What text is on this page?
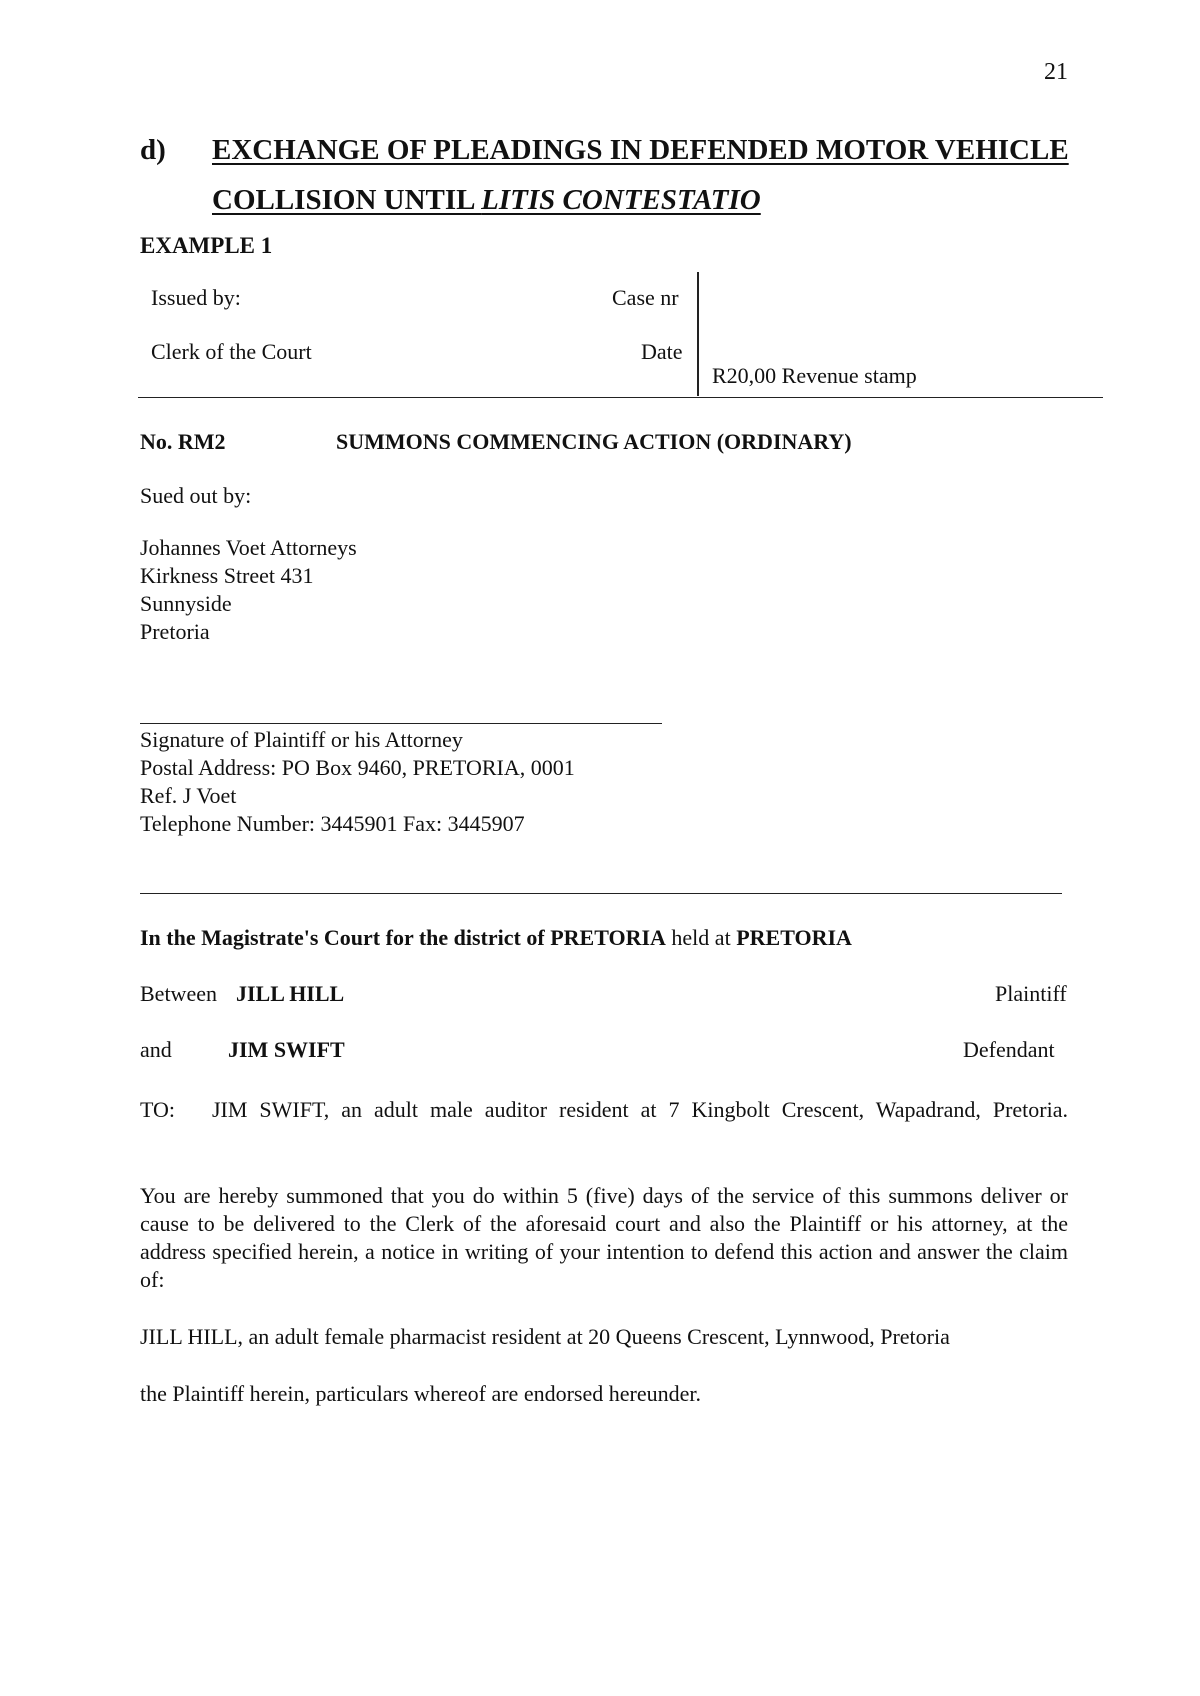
21
d) EXCHANGE OF PLEADINGS IN DEFENDED MOTOR VEHICLE
COLLISION UNTIL LITIS CONTESTATIO
EXAMPLE 1
Issued by:	Case nr
Clerk of the Court	Date
R20,00 Revenue stamp
No. RM2	SUMMONS COMMENCING ACTION (ORDINARY)
Sued out by:
Johannes Voet Attorneys
Kirkness Street 431
Sunnyside
Pretoria
Signature of Plaintiff or his Attorney
Postal Address: PO Box 9460, PRETORIA, 0001
Ref. J Voet
Telephone Number: 3445901 Fax: 3445907
In the Magistrate's Court for the district of PRETORIA held at PRETORIA
Between JILL HILL	Plaintiff
and	JIM SWIFT	Defendant
TO: JIM SWIFT, an adult male auditor resident at 7 Kingbolt Crescent, Wapadrand, Pretoria.
You are hereby summoned that you do within 5 (five) days of the service of this summons deliver or cause to be delivered to the Clerk of the aforesaid court and also the Plaintiff or his attorney, at the address specified herein, a notice in writing of your intention to defend this action and answer the claim of:
JILL HILL, an adult female pharmacist resident at 20 Queens Crescent, Lynnwood, Pretoria
the Plaintiff herein, particulars whereof are endorsed hereunder.
